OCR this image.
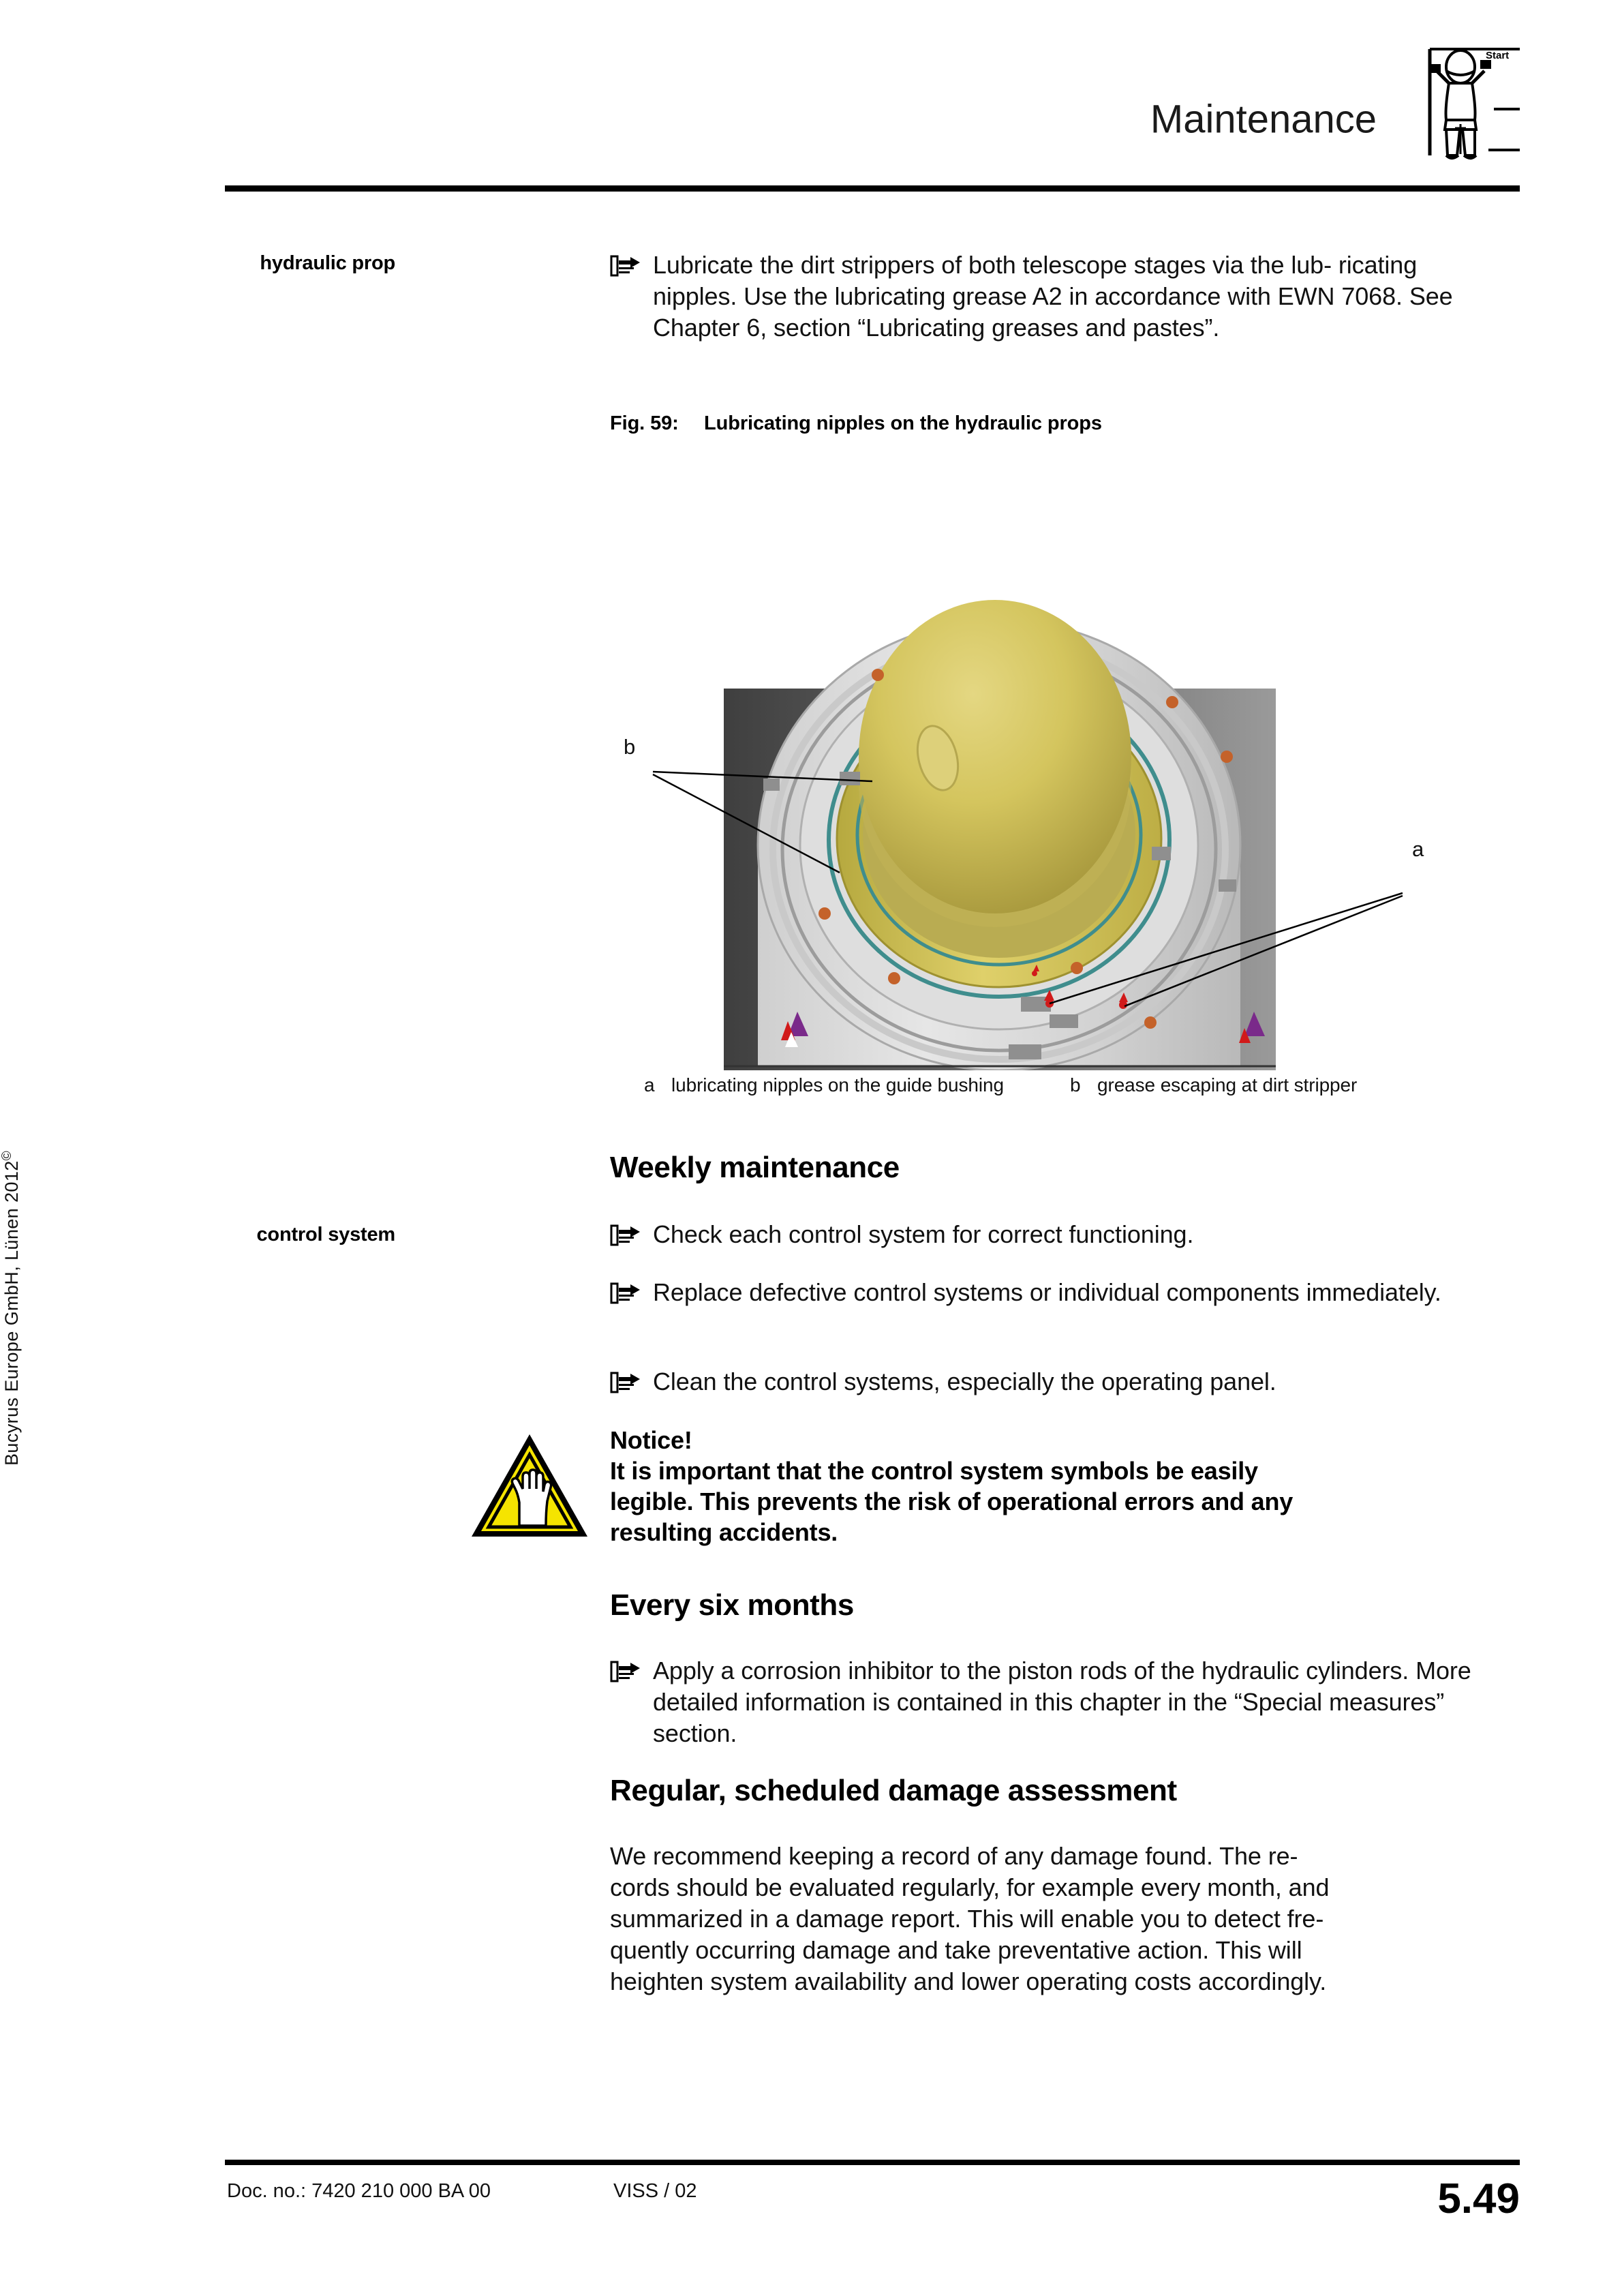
Maintenance
Start
Bucyrus Europe GmbH, Lünen 2012©
hydraulic prop	Lubricate the dirt strippers of both telescope stages via the lub- ricating nipples. Use the lubricating grease A2 in accordance with EWN 7068. See Chapter 6, section “Lubricating greases and pastes”.
Fig. 59: Lubricating nipples on the hydraulic props
b
a
a lubricating nipples on the guide bushing	b grease escaping at dirt stripper
Weekly maintenance
control system	Check each control system for correct functioning.
Replace defective control systems or individual components immediately.
Clean the control systems, especially the operating panel.
Notice!
It is important that the control system symbols be easily
legible. This prevents the risk of operational errors and any
resulting accidents.
Every six months
Apply a corrosion inhibitor to the piston rods of the hydraulic cylinders. More detailed information is contained in this chapter in the “Special measures” section.
Regular, scheduled damage assessment
We recommend keeping a record of any damage found. The re-
cords should be evaluated regularly, for example every month, and
summarized in a damage report. This will enable you to detect fre-
quently occurring damage and take preventative action. This will
heighten system availability and lower operating costs accordingly.
Doc. no.: 7420 210 000 BA 00	VISS / 02	5.49
